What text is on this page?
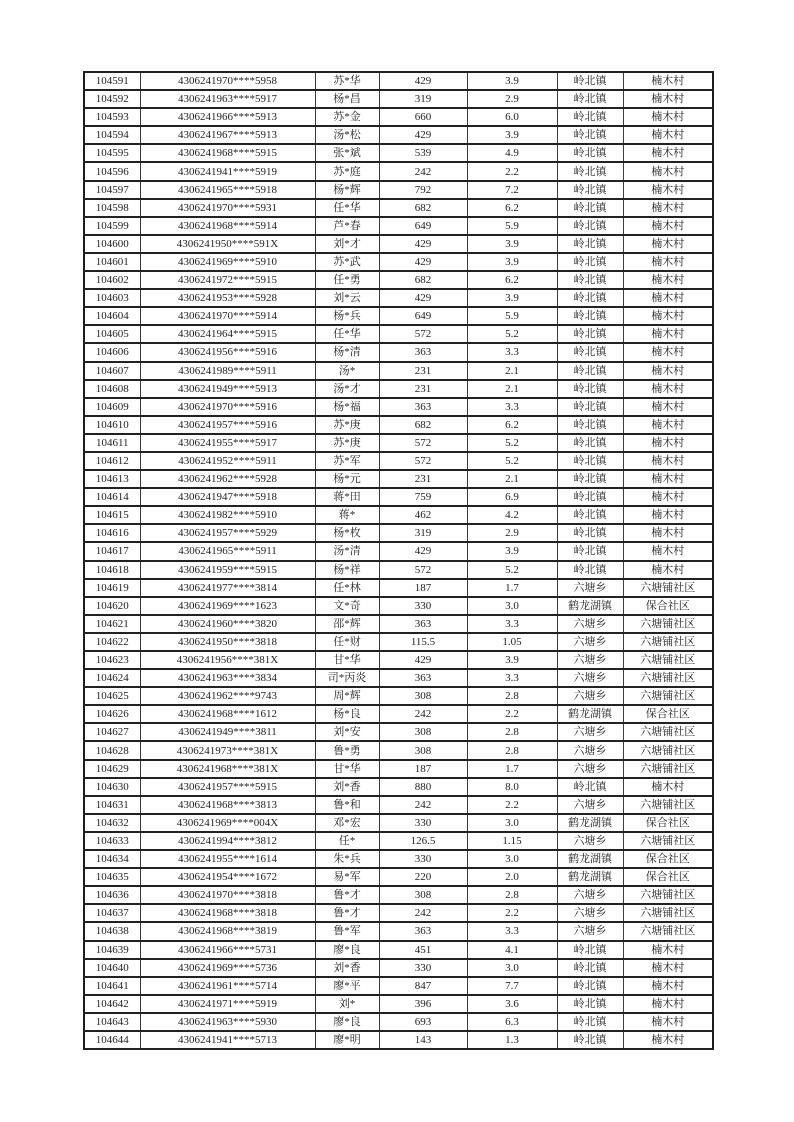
104591	4306241970****5958	苏*华	429	3.9	岭北镇	楠木村
104592	4306241963****5917	杨*昌	319	2.9	岭北镇	楠木村
104593	4306241966****5913	苏*金	660	6.0	岭北镇	楠木村
104594	4306241967****5913	汤*松	429	3.9	岭北镇	楠木村
104595	4306241968****5915	张*斌	539	4.9	岭北镇	楠木村
104596	4306241941****5919	苏*庭	242	2.2	岭北镇	楠木村
104597	4306241965****5918	杨*辉	792	7.2	岭北镇	楠木村
104598	4306241970****5931	任*华	682	6.2	岭北镇	楠木村
104599	4306241968****5914	芦*春	649	5.9	岭北镇	楠木村
104600	4306241950****591X	刘*才	429	3.9	岭北镇	楠木村
104601	4306241969****5910	苏*武	429	3.9	岭北镇	楠木村
104602	4306241972****5915	任*勇	682	6.2	岭北镇	楠木村
104603	4306241953****5928	刘*云	429	3.9	岭北镇	楠木村
104604	4306241970****5914	杨*兵	649	5.9	岭北镇	楠木村
104605	4306241964****5915	任*华	572	5.2	岭北镇	楠木村
104606	4306241956****5916	杨*清	363	3.3	岭北镇	楠木村
104607	4306241989****5911	汤*	231	2.1	岭北镇	楠木村
104608	4306241949****5913	汤*才	231	2.1	岭北镇	楠木村
104609	4306241970****5916	杨*福	363	3.3	岭北镇	楠木村
104610	4306241957****5916	苏*庚	682	6.2	岭北镇	楠木村
104611	4306241955****5917	苏*庚	572	5.2	岭北镇	楠木村
104612	4306241952****5911	苏*军	572	5.2	岭北镇	楠木村
104613	4306241962****5928	杨*元	231	2.1	岭北镇	楠木村
104614	4306241947****5918	蒋*田	759	6.9	岭北镇	楠木村
104615	4306241982****5910	蒋*	462	4.2	岭北镇	楠木村
104616	4306241957****5929	杨*枚	319	2.9	岭北镇	楠木村
104617	4306241965****5911	汤*清	429	3.9	岭北镇	楠木村
104618	4306241959****5915	杨*祥	572	5.2	岭北镇	楠木村
104619	4306241977****3814	任*林	187	1.7	六塘乡	六塘铺社区
104620	4306241969****1623	文*奇	330	3.0	鹤龙湖镇	保合社区
104621	4306241960****3820	邵*辉	363	3.3	六塘乡	六塘铺社区
104622	4306241950****3818	任*财	115.5	1.05	六塘乡	六塘铺社区
104623	4306241956****381X	甘*华	429	3.9	六塘乡	六塘铺社区
104624	4306241963****3834	司*丙炎	363	3.3	六塘乡	六塘铺社区
104625	4306241962****9743	周*辉	308	2.8	六塘乡	六塘铺社区
104626	4306241968****1612	杨*良	242	2.2	鹤龙湖镇	保合社区
104627	4306241949****3811	刘*安	308	2.8	六塘乡	六塘铺社区
104628	4306241973****381X	鲁*勇	308	2.8	六塘乡	六塘铺社区
104629	4306241968****381X	甘*华	187	1.7	六塘乡	六塘铺社区
104630	4306241957****5915	刘*香	880	8.0	岭北镇	楠木村
104631	4306241968****3813	鲁*和	242	2.2	六塘乡	六塘铺社区
104632	4306241969****004X	邓*宏	330	3.0	鹤龙湖镇	保合社区
104633	4306241994****3812	任*	126.5	1.15	六塘乡	六塘铺社区
104634	4306241955****1614	朱*兵	330	3.0	鹤龙湖镇	保合社区
104635	4306241954****1672	易*军	220	2.0	鹤龙湖镇	保合社区
104636	4306241970****3818	鲁*才	308	2.8	六塘乡	六塘铺社区
104637	4306241968****3818	鲁*才	242	2.2	六塘乡	六塘铺社区
104638	4306241968****3819	鲁*军	363	3.3	六塘乡	六塘铺社区
104639	4306241966****5731	廖*良	451	4.1	岭北镇	楠木村
104640	4306241969****5736	刘*香	330	3.0	岭北镇	楠木村
104641	4306241961****5714	廖*平	847	7.7	岭北镇	楠木村
104642	4306241971****5919	刘*	396	3.6	岭北镇	楠木村
104643	4306241963****5930	廖*良	693	6.3	岭北镇	楠木村
104644	4306241941****5713	廖*明	143	1.3	岭北镇	楠木村
